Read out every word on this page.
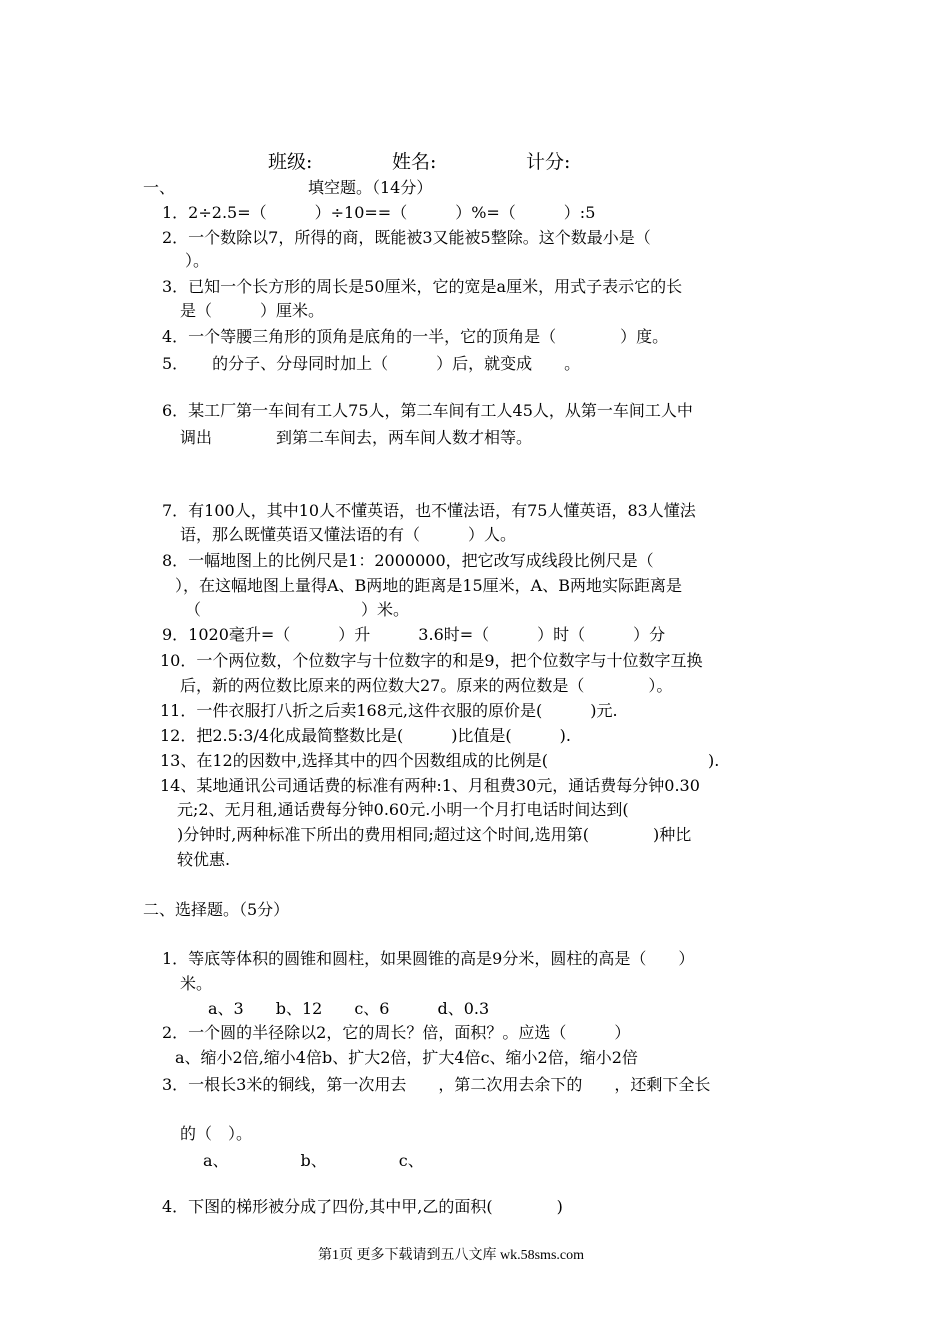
班级:	姓名:	计分:
一、	填空题。（14分）
1．2÷2.5=（　　　）÷10==（　　　）%=（　　　）:5
2．一个数除以7，所得的商，既能被3又能被5整除。这个数最小是（
）。
3．已知一个长方形的周长是50厘米，它的宽是a厘米，用式子表示它的长
是（　　　）厘米。
4．一个等腰三角形的顶角是底角的一半，它的顶角是（　　　　）度。
5．　　的分子、分母同时加上（　　　）后，就变成　　。
6．某工厂第一车间有工人75人，第二车间有工人45人，从第一车间工人中
调出　　　　到第二车间去，两车间人数才相等。
7．有100人，其中10人不懂英语，也不懂法语，有75人懂英语，83人懂法
语，那么既懂英语又懂法语的有（　　　）人。
8．一幅地图上的比例尺是1：2000000，把它改写成线段比例尺是（
），在这幅地图上量得A、B两地的距离是15厘米，A、B两地实际距离是
（　　　　　　　　　　）米。
9．1020毫升=（　　　）升　　　3.6时=（　　　）时（　　　）分
10．一个两位数，个位数字与十位数字的和是9，把个位数字与十位数字互换
后，新的两位数比原来的两位数大27。原来的两位数是（　　　　）。
11．一件衣服打八折之后卖168元,这件衣服的原价是(　　　)元.
12．把2.5:3/4化成最简整数比是(　　　)比值是(　　　).
13、在12的因数中,选择其中的四个因数组成的比例是(　　　　　　　　　　).
14、某地通讯公司通话费的标准有两种:1、月租费30元，通话费每分钟0.30
元;2、无月租,通话费每分钟0.60元.小明一个月打电话时间达到(
)分钟时,两种标准下所出的费用相同;超过这个时间,选用第(　　　　)种比
较优惠.
二、选择题。（5分）
1．等底等体积的圆锥和圆柱，如果圆锥的高是9分米，圆柱的高是（　　）
米。
a、3　　b、12　　c、6　　　d、0.3
2．一个圆的半径除以2，它的周长？倍，面积？。应选（　　　）
a、缩小2倍,缩小4倍b、扩大2倍，扩大4倍c、缩小2倍，缩小2倍
3．一根长3米的铜线，第一次用去　　，第二次用去余下的　　，还剩下全长
的（　）。
a、　　　　　b、　　　　　c、
4．下图的梯形被分成了四份,其中甲,乙的面积(　　　　)
第1页 更多下载请到五八文库 wk.58sms.com
